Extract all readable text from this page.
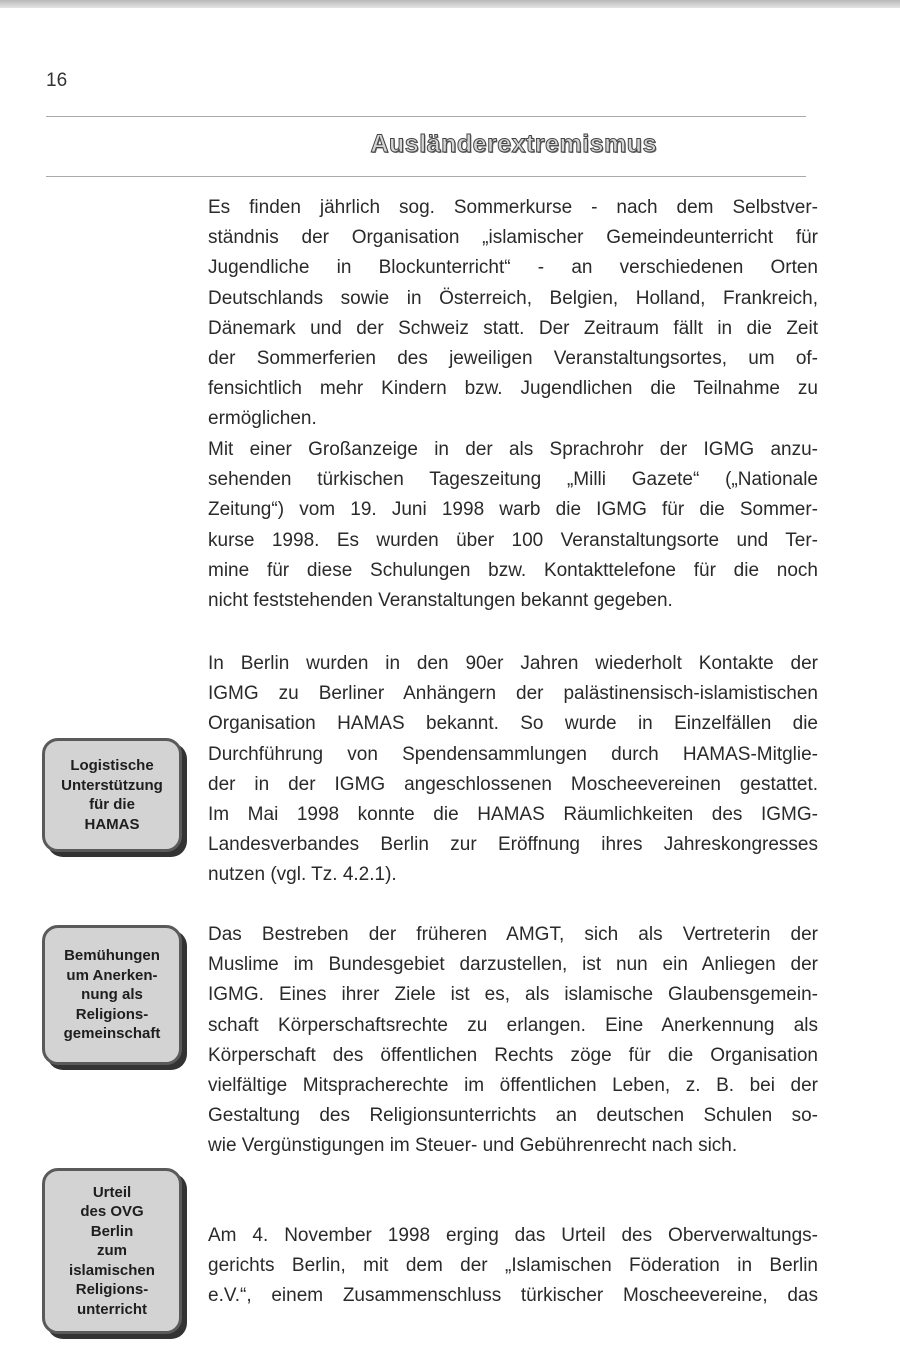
16
Ausländerextremismus

Es finden jährlich sog. Sommerkurse - nach dem Selbstver-
ständnis der Organisation „islamischer Gemeindeunterricht für
Jugendliche in Blockunterricht“ - an verschiedenen Orten
Deutschlands sowie in Österreich, Belgien, Holland, Frankreich,
Dänemark und der Schweiz statt. Der Zeitraum fällt in die Zeit
der Sommerferien des jeweiligen Veranstaltungsortes, um of-
fensichtlich mehr Kindern bzw. Jugendlichen die Teilnahme zu
ermöglichen.

Mit einer Großanzeige in der als Sprachrohr der IGMG anzu-
sehenden türkischen Tageszeitung „Milli Gazete“ („Nationale
Zeitung“) vom 19. Juni 1998 warb die IGMG für die Sommer-
kurse 1998. Es wurden über 100 Veranstaltungsorte und Ter-
mine für diese Schulungen bzw. Kontakttelefone für die noch
nicht feststehenden Veranstaltungen bekannt gegeben.

In Berlin wurden in den 90er Jahren wiederholt Kontakte der
IGMG zu Berliner Anhängern der palästinensisch-islamistischen
Organisation HAMAS bekannt. So wurde in Einzelfällen die
Durchführung von Spendensammlungen durch HAMAS-Mitglie-
der in der IGMG angeschlossenen Moscheevereinen gestattet.
Im Mai 1998 konnte die HAMAS Räumlichkeiten des IGMG-
Landesverbandes Berlin zur Eröffnung ihres Jahreskongresses
nutzen (vgl. Tz. 4.2.1).

Das Bestreben der früheren AMGT, sich als Vertreterin der
Muslime im Bundesgebiet darzustellen, ist nun ein Anliegen der
IGMG. Eines ihrer Ziele ist es, als islamische Glaubensgemein-
schaft Körperschaftsrechte zu erlangen. Eine Anerkennung als
Körperschaft des öffentlichen Rechts zöge für die Organisation
vielfältige Mitspracherechte im öffentlichen Leben, z. B. bei der
Gestaltung des Religionsunterrichts an deutschen Schulen so-
wie Vergünstigungen im Steuer- und Gebührenrecht nach sich.

Am 4. November 1998 erging das Urteil des Oberverwaltungs-
gerichts Berlin, mit dem der „Islamischen Föderation in Berlin
e.V.“, einem Zusammenschluss türkischer Moscheevereine, das

Logistische
Unterstützung
für die
HAMAS
Bemühungen
um Anerken-
nung als
Religions-
gemeinschaft
Urteil
des OVG
Berlin
zum
islamischen
Religions-
unterricht
